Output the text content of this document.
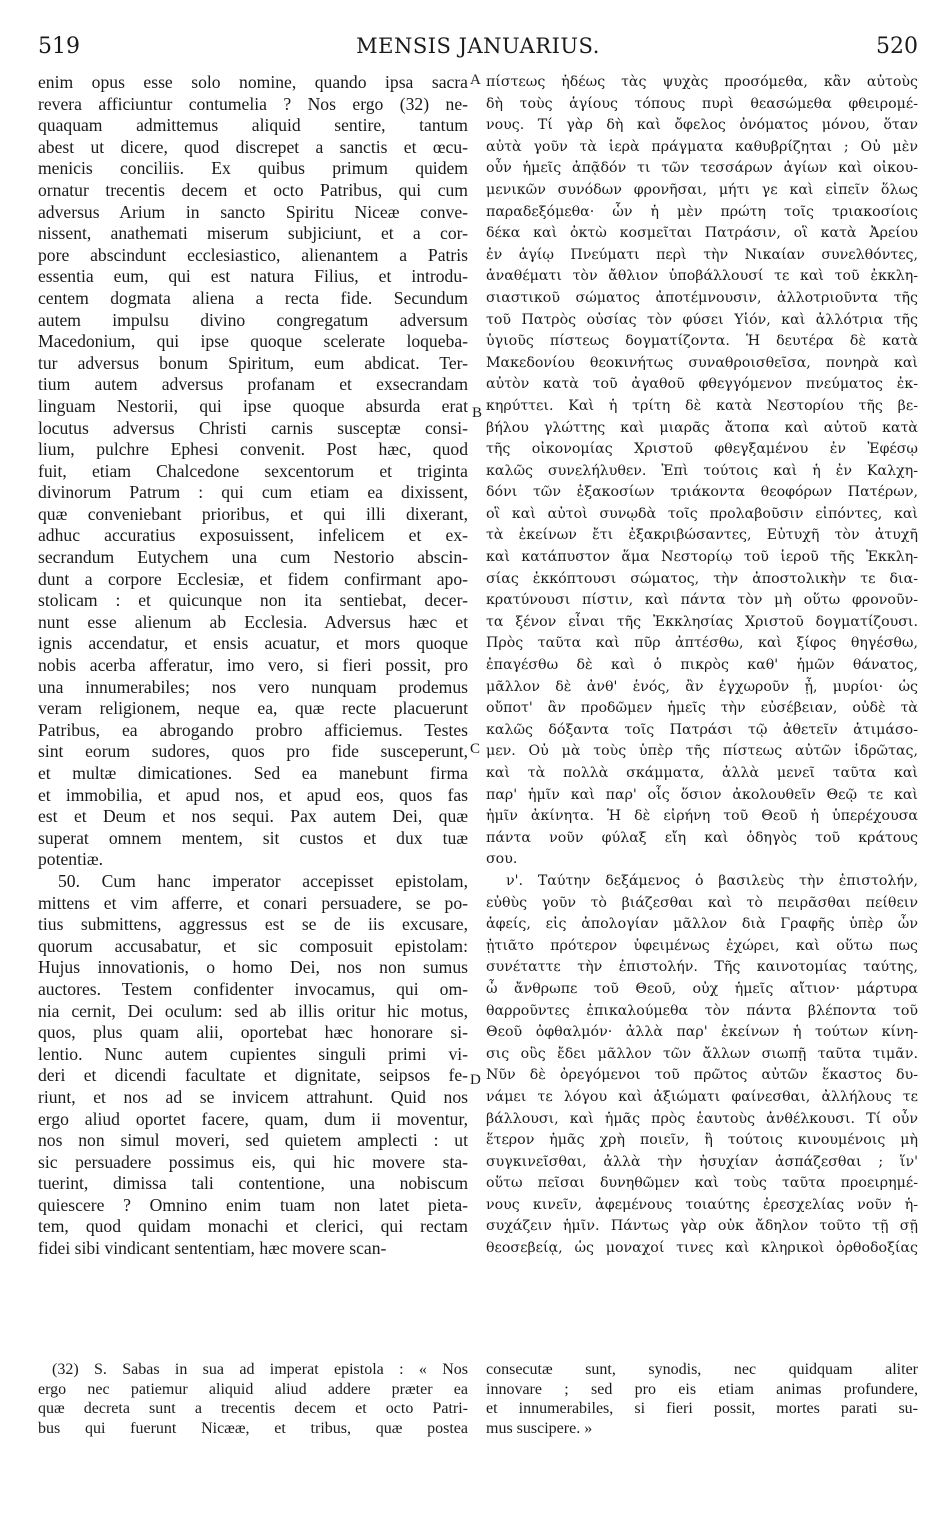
519	MENSIS JANUARIUS.	520
enim opus esse solo nomine, quando ipsa sacra
revera afficiuntur contumelia ? Nos ergo (32) ne-
quaquam admittemus aliquid sentire, tantum
abest ut dicere, quod discrepet a sanctis et œcu-
menicis conciliis. Ex quibus primum quidem
ornatur trecentis decem et octo Patribus, qui cum
adversus Arium in sancto Spiritu Niceæ conve-
nissent, anathemati miserum subjiciunt, et a cor-
pore abscindunt ecclesiastico, alienantem a Patris
essentia eum, qui est natura Filius, et introdu-
centem dogmata aliena a recta fide. Secundum
autem impulsu divino congregatum adversum
Macedonium, qui ipse quoque scelerate loqueba-
tur adversus bonum Spiritum, eum abdicat. Ter-
tium autem adversus profanam et exsecrandam
linguam Nestorii, qui ipse quoque absurda erat
locutus adversus Christi carnis susceptæ consi-
lium, pulchre Ephesi convenit. Post hæc, quod
fuit, etiam Chalcedone sexcentorum et triginta
divinorum Patrum : qui cum etiam ea dixissent,
quæ conveniebant prioribus, et qui illi dixerant,
adhuc accuratius exposuissent, infelicem et ex-
secrandum Eutychem una cum Nestorio abscin-
dunt a corpore Ecclesiæ, et fidem confirmant apo-
stolicam : et quicunque non ita sentiebat, decer-
nunt esse alienum ab Ecclesia. Adversus hæc et
ignis accendatur, et ensis acuatur, et mors quoque
nobis acerba afferatur, imo vero, si fieri possit, pro
una innumerabiles; nos vero nunquam prodemus
veram religionem, neque ea, quæ recte placuerunt
Patribus, ea abrogando probro afficiemus. Testes
sint eorum sudores, quos pro fide susceperunt,
et multæ dimicationes. Sed ea manebunt firma
et immobilia, et apud nos, et apud eos, quos fas
est et Deum et nos sequi. Pax autem Dei, quæ
superat omnem mentem, sit custos et dux tuæ
potentiæ.
50. Cum hanc imperator accepisset epistolam,
mittens et vim afferre, et conari persuadere, se po-
tius submittens, aggressus est se de iis excusare,
quorum accusabatur, et sic composuit epistolam:
Hujus innovationis, o homo Dei, nos non sumus
auctores. Testem confidenter invocamus, qui om-
nia cernit, Dei oculum: sed ab illis oritur hic motus,
quos, plus quam alii, oportebat hæc honorare si-
lentio. Nunc autem cupientes singuli primi vi-
deri et dicendi facultate et dignitate, seipsos fe-
riunt, et nos ad se invicem attrahunt. Quid nos
ergo aliud oportet facere, quam, dum ii moventur,
nos non simul moveri, sed quietem amplecti : ut
sic persuadere possimus eis, qui hic movere sta-
tuerint, dimissa tali contentione, una nobiscum
quiescere ? Omnino enim tuam non latet pieta-
tem, quod quidam monachi et clerici, qui rectam
fidei sibi vindicant sententiam, hæc movere scan-
πίστεως ἡδέως τὰς ψυχὰς προσόμεθα, κἂν αὐτοὺς
δὴ τοὺς ἁγίους τόπους πυρὶ θεασώμεθα φθειρομέ-
νους. Τί γὰρ δὴ καὶ ὄφελος ὀνόματος μόνου, ὅταν
αὐτὰ γοῦν τὰ ἱερὰ πράγματα καθυβρίζηται ; Οὐ μὲν
οὖν ἡμεῖς ἀπᾷδόν τι τῶν τεσσάρων ἁγίων καὶ οἰκου-
μενικῶν συνόδων φρονῆσαι, μήτι γε καὶ εἰπεῖν ὅλως
παραδεξόμεθα· ὧν ἡ μὲν πρώτη τοῖς τριακοσίοις
δέκα καὶ ὀκτὼ κοσμεῖται Πατράσιν, οἳ κατὰ Ἀρείου
ἐν ἁγίῳ Πνεύματι περὶ τὴν Νικαίαν συνελθόντες,
ἀναθέματι τὸν ἄθλιον ὑποβάλλουσί τε καὶ τοῦ ἐκκλη-
σιαστικοῦ σώματος ἀποτέμνουσιν, ἀλλοτριοῦντα τῆς
τοῦ Πατρὸς οὐσίας τὸν φύσει Υἱόν, καὶ ἀλλότρια τῆς
ὑγιοῦς πίστεως δογματίζοντα. Ἡ δευτέρα δὲ κατὰ
Μακεδονίου θεοκινήτως συναθροισθεῖσα, πονηρὰ καὶ
αὐτὸν κατὰ τοῦ ἀγαθοῦ φθεγγόμενον πνεύματος ἐκ-
κηρύττει. Καὶ ἡ τρίτη δὲ κατὰ Νεστορίου τῆς βε-
βήλου γλώττης καὶ μιαρᾶς ἄτοπα καὶ αὐτοῦ κατὰ
τῆς οἰκονομίας Χριστοῦ φθεγξαμένου ἐν Ἐφέσῳ
καλῶς συνελήλυθεν. Ἐπὶ τούτοις καὶ ἡ ἐν Καλχη-
δόνι τῶν ἑξακοσίων τριάκοντα θεοφόρων Πατέρων,
οἳ καὶ αὐτοὶ συνῳδὰ τοῖς προλαβοῦσιν εἰπόντες, καὶ
τὰ ἐκείνων ἔτι ἐξακριβώσαντες, Εὐτυχῆ τὸν ἀτυχῆ
καὶ κατάπυστον ἅμα Νεστορίῳ τοῦ ἱεροῦ τῆς Ἐκκλη-
σίας ἐκκόπτουσι σώματος, τὴν ἀποστολικὴν τε δια-
κρατύνουσι πίστιν, καὶ πάντα τὸν μὴ οὕτω φρονοῦν-
τα ξένον εἶναι τῆς Ἐκκλησίας Χριστοῦ δογματίζουσι.
Πρὸς ταῦτα καὶ πῦρ ἀπτέσθω, καὶ ξίφος θηγέσθω,
ἐπαγέσθω δὲ καὶ ὁ πικρὸς καθ' ἡμῶν θάνατος,
μᾶλλον δὲ ἀνθ' ἑνός, ἂν ἐγχωροῦν ᾖ, μυρίοι· ὡς
οὔποτ' ἂν προδῶμεν ἡμεῖς τὴν εὐσέβειαν, οὐδὲ τὰ
καλῶς δόξαντα τοῖς Πατράσι τῷ ἀθετεῖν ἀτιμάσο-
μεν. Οὐ μὰ τοὺς ὑπὲρ τῆς πίστεως αὐτῶν ἱδρῶτας,
καὶ τὰ πολλὰ σκάμματα, ἀλλὰ μενεῖ ταῦτα καὶ
παρ' ἡμῖν καὶ παρ' οἷς ὅσιον ἀκολουθεῖν Θεῷ τε καὶ
ἡμῖν ἀκίνητα. Ἡ δὲ εἰρήνη τοῦ Θεοῦ ἡ ὑπερέχουσα
πάντα νοῦν φύλαξ εἴη καὶ ὁδηγὸς τοῦ κράτους
σου.
ν'. Ταύτην δεξάμενος ὁ βασιλεὺς τὴν ἐπιστολήν,
εὐθὺς γοῦν τὸ βιάζεσθαι καὶ τὸ πειρᾶσθαι πείθειν
ἀφείς, εἰς ἀπολογίαν μᾶλλον διὰ Γραφῆς ὑπὲρ ὧν
ᾐτιᾶτο πρότερον ὑφειμένως ἐχώρει, καὶ οὕτω πως
συνέταττε τὴν ἐπιστολήν. Τῆς καινοτομίας ταύτης,
ὦ ἄνθρωπε τοῦ Θεοῦ, οὐχ ἡμεῖς αἴτιον· μάρτυρα
θαρροῦντες ἐπικαλούμεθα τὸν πάντα βλέποντα τοῦ
Θεοῦ ὀφθαλμόν· ἀλλὰ παρ' ἐκείνων ἡ τούτων κίνη-
σις οὓς ἔδει μᾶλλον τῶν ἄλλων σιωπῇ ταῦτα τιμᾶν.
Νῦν δὲ ὀρεγόμενοι τοῦ πρῶτος αὐτῶν ἕκαστος δυ-
νάμει τε λόγου καὶ ἀξιώματι φαίνεσθαι, ἀλλήλους τε
βάλλουσι, καὶ ἡμᾶς πρὸς ἑαυτοὺς ἀνθέλκουσι. Τί οὖν
ἕτερον ἡμᾶς χρὴ ποιεῖν, ἢ τούτοις κινουμένοις μὴ
συγκινεῖσθαι, ἀλλὰ τὴν ἡσυχίαν ἀσπάζεσθαι ; ἵν'
οὕτω πεῖσαι δυνηθῶμεν καὶ τοὺς ταῦτα προειρημέ-
νους κινεῖν, ἀφεμένους τοιαύτης ἐρεσχελίας νοῦν ἡ-
συχάζειν ἡμῖν. Πάντως γὰρ οὐκ ἄδηλον τοῦτο τῇ σῇ
θεοσεβείᾳ, ὡς μοναχοί τινες καὶ κληρικοὶ ὀρθοδοξίας
A
B
C
D
(32) S. Sabas in sua ad imperat epistola : « Nos
ergo nec patiemur aliquid aliud addere præter ea
quæ decreta sunt a trecentis decem et octo Patri-
bus qui fuerunt Nicææ, et tribus, quæ postea
consecutæ sunt, synodis, nec quidquam aliter
innovare ; sed pro eis etiam animas profundere,
et innumerabiles, si fieri possit, mortes parati su-
mus suscipere. »
